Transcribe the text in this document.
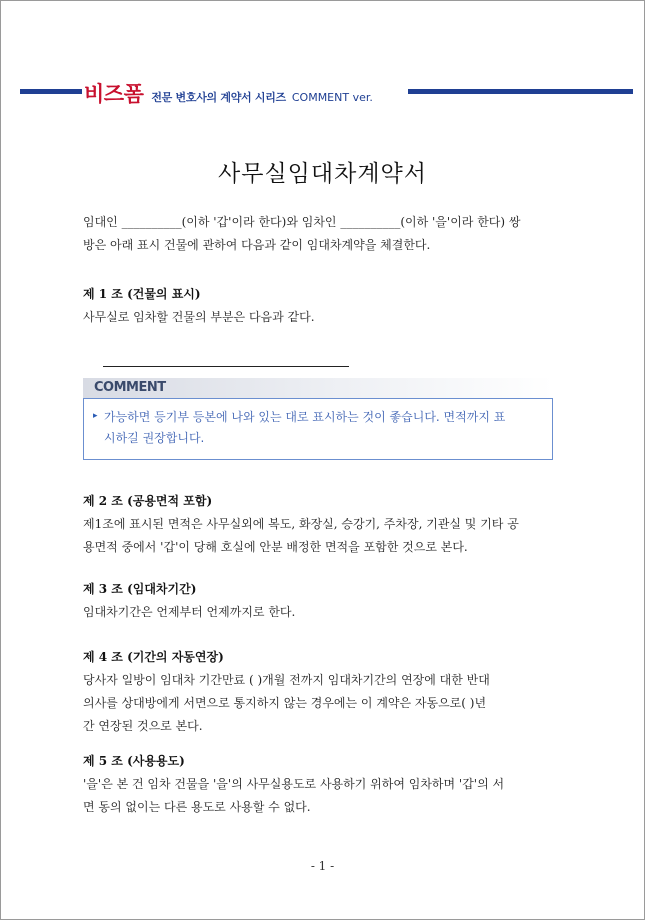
비즈폼 전문 변호사의 계약서 시리즈 COMMENT ver.
사무실임대차계약서
임대인 __________(이하 '갑'이라 한다)와 임차인 __________(이하 '을'이라 한다) 쌍
방은 아래 표시 건물에 관하여 다음과 같이 임대차계약을 체결한다.
제 1 조 (건물의 표시)
사무실로 임차할 건물의 부분은 다음과 같다.
COMMENT
▸ 가능하면 등기부 등본에 나와 있는 대로 표시하는 것이 좋습니다. 면적까지 표
시하길 권장합니다.
제 2 조 (공용면적 포함)
제1조에 표시된 면적은 사무실외에 복도, 화장실, 승강기, 주차장, 기관실 및 기타 공
용면적 중에서 '갑'이 당해 호실에 안분 배정한 면적을 포함한 것으로 본다.
제 3 조 (임대차기간)
임대차기간은 언제부터 언제까지로 한다.
제 4 조 (기간의 자동연장)
당사자 일방이 임대차 기간만료 ( )개월 전까지 임대차기간의 연장에 대한 반대
의사를 상대방에게 서면으로 통지하지 않는 경우에는 이 계약은 자동으로( )년
간 연장된 것으로 본다.
제 5 조 (사용용도)
'을'은 본 건 임차 건물을 '을'의 사무실용도로 사용하기 위하여 임차하며 '갑'의 서
면 동의 없이는 다른 용도로 사용할 수 없다.
- 1 -
